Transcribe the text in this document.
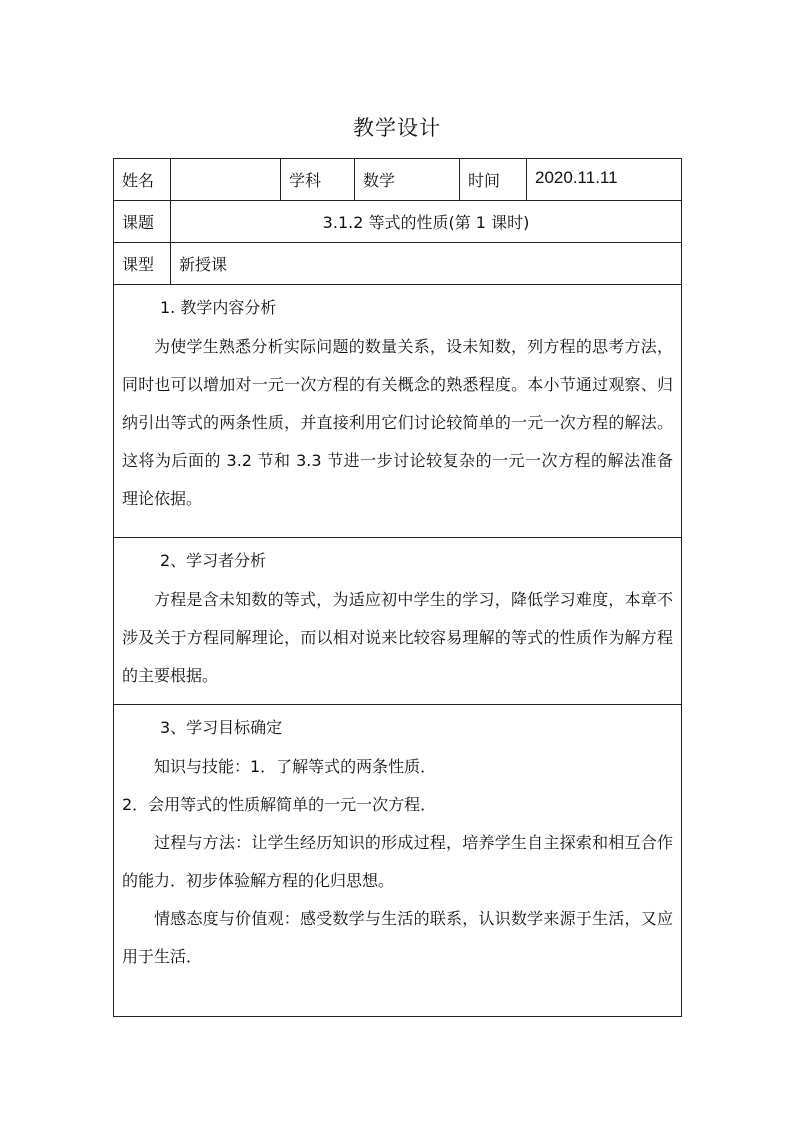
教学设计
姓名		学科	数学	时间	2020.11.11

课题	3.1.2 等式的性质(第 1 课时)				

课型	新授课				

1. 教学内容分析

为使学生熟悉分析实际问题的数量关系，设未知数，列方程的思考方法，同时也可以增加对一元一次方程的有关概念的熟悉程度。本小节通过观察、归纳引出等式的两条性质，并直接利用它们讨论较简单的一元一次方程的解法。这将为后面的 3.2 节和 3.3 节进一步讨论较复杂的一元一次方程的解法准备理论依据。					

2、学习者分析

方程是含未知数的等式，为适应初中学生的学习，降低学习难度，本章不涉及关于方程同解理论，而以相对说来比较容易理解的等式的性质作为解方程的主要根据。					

3、学习目标确定

知识与技能：1．了解等式的两条性质．

2．会用等式的性质解简单的一元一次方程．

过程与方法：让学生经历知识的形成过程，培养学生自主探索和相互合作的能力．初步体验解方程的化归思想。

情感态度与价值观：感受数学与生活的联系，认识数学来源于生活，又应用于生活．					
